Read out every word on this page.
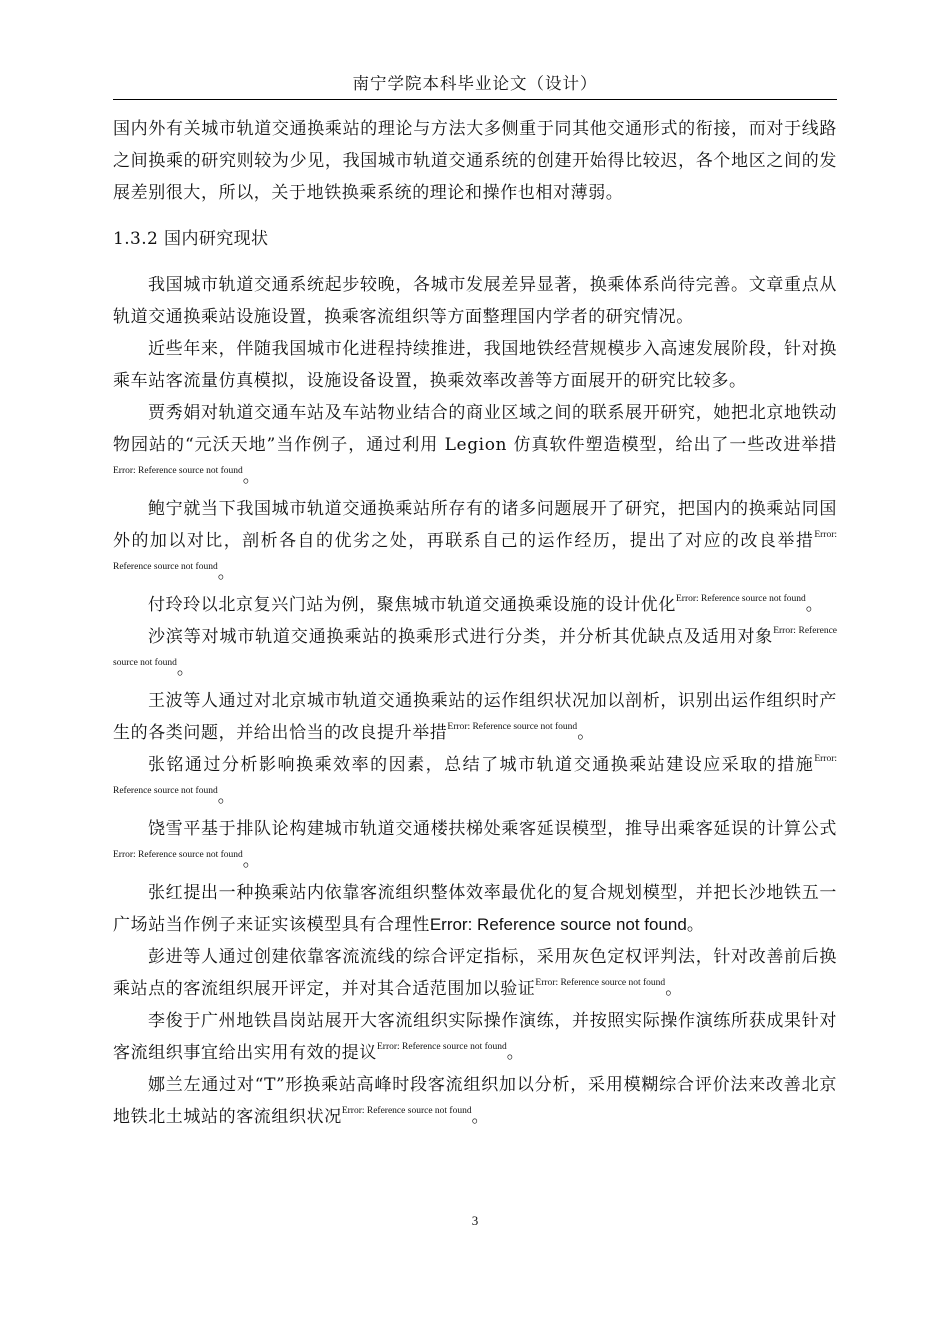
南宁学院本科毕业论文（设计）

国内外有关城市轨道交通换乘站的理论与方法大多侧重于同其他交通形式的衔接，而对于线路之间换乘的研究则较为少见，我国城市轨道交通系统的创建开始得比较迟，各个地区之间的发展差别很大，所以，关于地铁换乘系统的理论和操作也相对薄弱。

1.3.2 国内研究现状

我国城市轨道交通系统起步较晚，各城市发展差异显著，换乘体系尚待完善。文章重点从轨道交通换乘站设施设置，换乘客流组织等方面整理国内学者的研究情况。

近些年来，伴随我国城市化进程持续推进，我国地铁经营规模步入高速发展阶段，针对换乘车站客流量仿真模拟，设施设备设置，换乘效率改善等方面展开的研究比较多。

贾秀娟对轨道交通车站及车站物业结合的商业区域之间的联系展开研究，她把北京地铁动物园站的“元沃天地”当作例子，通过利用 Legion 仿真软件塑造模型，给出了一些改进举措$^{Error: Reference source not found}$。

鲍宁就当下我国城市轨道交通换乘站所存有的诸多问题展开了研究，把国内的换乘站同国外的加以对比，剖析各自的优劣之处，再联系自己的运作经历，提出了对应的改良举措$^{Error: Reference source not found}$。

付玲玲以北京复兴门站为例，聚焦城市轨道交通换乘设施的设计优化$^{Error: Reference source not found}$。

沙滨等对城市轨道交通换乘站的换乘形式进行分类，并分析其优缺点及适用对象$^{Error: Reference source not found}$。

王波等人通过对北京城市轨道交通换乘站的运作组织状况加以剖析，识别出运作组织时产生的各类问题，并给出恰当的改良提升举措$^{Error: Reference source not found}$。

张铭通过分析影响换乘效率的因素，总结了城市轨道交通换乘站建设应采取的措施$^{Error: Reference source not found}$。

饶雪平基于排队论构建城市轨道交通楼扶梯处乘客延误模型，推导出乘客延误的计算公式$^{Error: Reference source not found}$。

张红提出一种换乘站内依靠客流组织整体效率最优化的复合规划模型，并把长沙地铁五一广场站当作例子来证实该模型具有合理性Error: Reference source not found。

彭进等人通过创建依靠客流流线的综合评定指标，采用灰色定权评判法，针对改善前后换乘站点的客流组织展开评定，并对其合适范围加以验证$^{Error: Reference source not found}$。

李俊于广州地铁昌岗站展开大客流组织实际操作演练，并按照实际操作演练所获成果针对客流组织事宜给出实用有效的提议$^{Error: Reference source not found}$。

娜兰左通过对“T”形换乘站高峰时段客流组织加以分析，采用模糊综合评价法来改善北京地铁北土城站的客流组织状况$^{Error: Reference source not found}$。

3
